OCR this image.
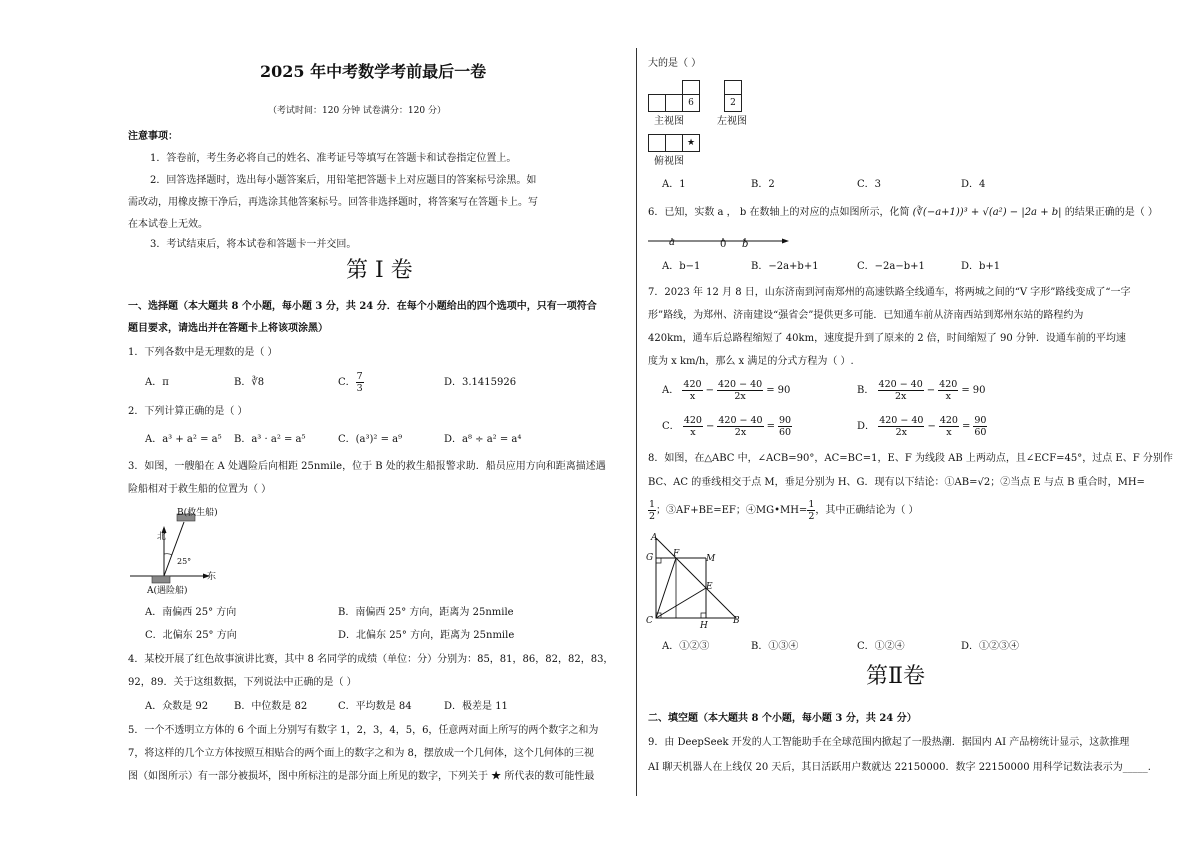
2025 年中考数学考前最后一卷
（考试时间：120 分钟 试卷满分：120 分）
注意事项：
1．答卷前，考生务必将自己的姓名、准考证号等填写在答题卡和试卷指定位置上。
2．回答选择题时，选出每小题答案后，用铅笔把答题卡上对应题目的答案标号涂黑。如
需改动，用橡皮擦干净后，再选涂其他答案标号。回答非选择题时，将答案写在答题卡上。写
在本试卷上无效。
3．考试结束后，将本试卷和答题卡一并交回。
第 I 卷
一、选择题（本大题共 8 个小题，每小题 3 分，共 24 分．在每个小题给出的四个选项中，只有一项符合
题目要求，请选出并在答题卡上将该项涂黑）
1．下列各数中是无理数的是（ ）
A．π	B．∛8	C． $\frac{7}{3}$	D．3.1415926
2．下列计算正确的是（ ）
A．a³ + a² = a⁵ B．a³ · a² = a⁵	C．(a³)² = a⁹	D．a⁸ ÷ a² = a⁴
3．如图，一艘船在 A 处遇险后向相距 25nmile，位于 B 处的救生船报警求助．船员应用方向和距离描述遇
险船相对于救生船的位置为（ ）
B(救生船)
北
25°
东
A(遇险船)
A．南偏西 25° 方向	B．南偏西 25° 方向，距离为 25nmile
C．北偏东 25° 方向	D．北偏东 25° 方向，距离为 25nmile
4．某校开展了红色故事演讲比赛，其中 8 名同学的成绩（单位：分）分别为：85，81，86，82，82，83，
92，89．关于这组数据，下列说法中正确的是（ ）
A．众数是 92	B．中位数是 82	C．平均数是 84	D．极差是 11
5．一个不透明立方体的 6 个面上分别写有数字 1，2，3，4，5，6，任意两对面上所写的两个数字之和为
7，将这样的几个立方体按照互相贴合的两个面上的数字之和为 8，摆放成一个几何体，这个几何体的三视
图（如图所示）有一部分被损坏，图中所标注的是部分面上所见的数字，下列关于 ★ 所代表的数可能性最
大的是（ ）
6	2
★
主视图	左视图
俯视图
A．1	B．2	C．3	D．4
6．已知，实数 a ， b 在数轴上的对应的点如图所示，化简 (∛(−a+1))³ + √(a²) − |2a + b| 的结果正确的是（ ）
a	0 b
A．b−1	B．−2a+b+1	C．−2a−b+1	D．b+1
7．2023 年 12 月 8 日，山东济南到河南郑州的高速铁路全线通车，将两城之间的“V 字形”路线变成了“一字
形”路线，为郑州、济南建设“强省会”提供更多可能．已知通车前从济南西站到郑州东站的路程约为
420km，通车后总路程缩短了 40km，速度提升到了原来的 2 倍，时间缩短了 90 分钟．设通车前的平均速
度为 x km/h，那么 x 满足的分式方程为（ ）.
A． $\frac{420}{x} - \frac{420 - 40}{2x} = 90$	B． $\frac{420 - 40}{2x} - \frac{420}{x} = 90$
C． $\frac{420}{x} - \frac{420 - 40}{2x} = \frac{90}{60}$	D． $\frac{420 - 40}{2x} - \frac{420}{x} = \frac{90}{60}$
8．如图，在△ABC 中，∠ACB=90°，AC=BC=1，E、F 为线段 AB 上两动点，且∠ECF=45°，过点 E、F 分别作
BC、AC 的垂线相交于点 M，垂足分别为 H、G．现有以下结论：①AB=√2；②当点 E 与点 B 重合时，MH=
$\frac{1}{2}$ ；③AF+BE=EF；④MG•MH= $\frac{1}{2}$ ，其中正确结论为（ ）
A
G F	M
E
C	H	B
A．①②③	B．①③④	C．①②④	D．①②③④
第Ⅱ卷
二、填空题（本大题共 8 个小题，每小题 3 分，共 24 分）
9．由 DeepSeek 开发的人工智能助手在全球范围内掀起了一股热潮．据国内 AI 产品榜统计显示，这款推理
AI 聊天机器人在上线仅 20 天后，其日活跃用户数就达 22150000．数字 22150000 用科学记数法表示为_____.
